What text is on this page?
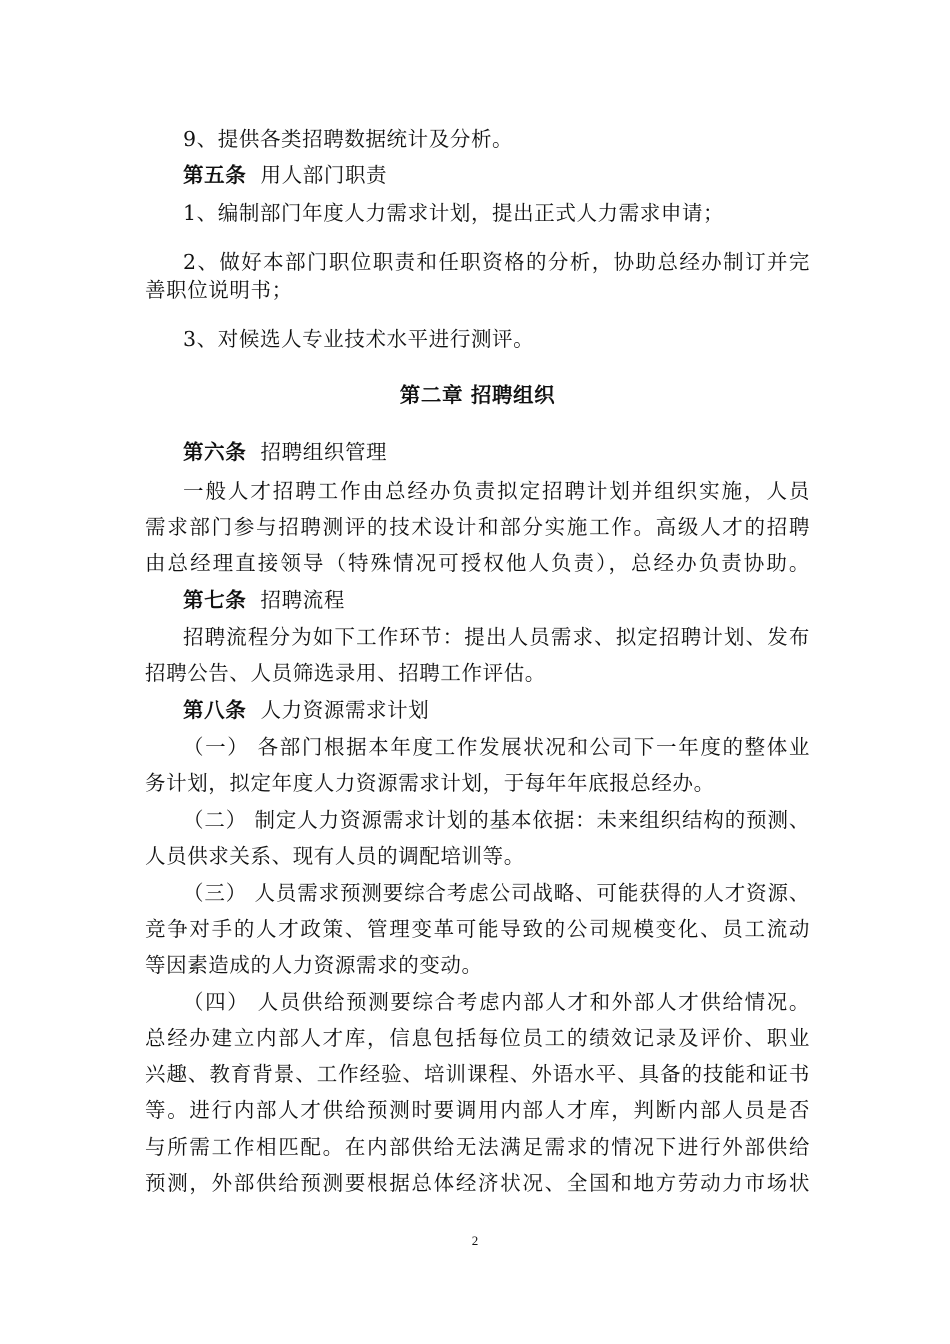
9、提供各类招聘数据统计及分析。
第五条 用人部门职责
1、编制部门年度人力需求计划，提出正式人力需求申请；
2、做好本部门职位职责和任职资格的分析，协助总经办制订并完
善职位说明书；
3、对候选人专业技术水平进行测评。
第二章 招聘组织
第六条 招聘组织管理
一般人才招聘工作由总经办负责拟定招聘计划并组织实施，人员
需求部门参与招聘测评的技术设计和部分实施工作。高级人才的招聘
由总经理直接领导（特殊情况可授权他人负责），总经办负责协助。
第七条 招聘流程
招聘流程分为如下工作环节：提出人员需求、拟定招聘计划、发布
招聘公告、人员筛选录用、招聘工作评估。
第八条 人力资源需求计划
（一） 各部门根据本年度工作发展状况和公司下一年度的整体业
务计划，拟定年度人力资源需求计划，于每年年底报总经办。
（二） 制定人力资源需求计划的基本依据：未来组织结构的预测、
人员供求关系、现有人员的调配培训等。
（三） 人员需求预测要综合考虑公司战略、可能获得的人才资源、
竞争对手的人才政策、管理变革可能导致的公司规模变化、员工流动
等因素造成的人力资源需求的变动。
（四） 人员供给预测要综合考虑内部人才和外部人才供给情况。
总经办建立内部人才库，信息包括每位员工的绩效记录及评价、职业
兴趣、教育背景、工作经验、培训课程、外语水平、具备的技能和证书
等。进行内部人才供给预测时要调用内部人才库，判断内部人员是否
与所需工作相匹配。在内部供给无法满足需求的情况下进行外部供给
预测，外部供给预测要根据总体经济状况、全国和地方劳动力市场状
2
